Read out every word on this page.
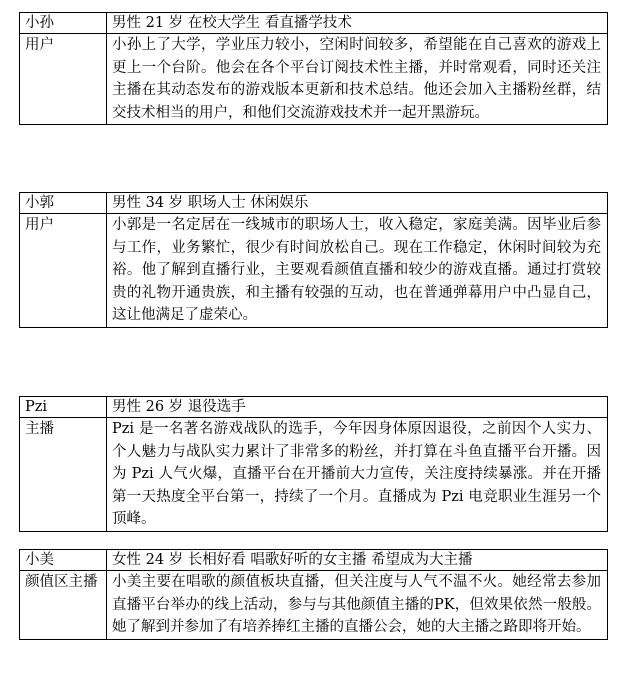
小孙	男性 21 岁 在校大学生 看直播学技术
用户	小孙上了大学，学业压力较小，空闲时间较多，希望能在自己喜欢的游戏上更上一个台阶。他会在各个平台订阅技术性主播，并时常观看，同时还关注主播在其动态发布的游戏版本更新和技术总结。他还会加入主播粉丝群，结交技术相当的用户，和他们交流游戏技术并一起开黑游玩。
小郭	男性 34 岁 职场人士 休闲娱乐
用户	小郭是一名定居在一线城市的职场人士，收入稳定，家庭美满。因毕业后参与工作，业务繁忙，很少有时间放松自己。现在工作稳定，休闲时间较为充裕。他了解到直播行业，主要观看颜值直播和较少的游戏直播。通过打赏较贵的礼物开通贵族，和主播有较强的互动，也在普通弹幕用户中凸显自己，这让他满足了虚荣心。
Pzi	男性 26 岁 退役选手
主播	Pzi 是一名著名游戏战队的选手，今年因身体原因退役，之前因个人实力、个人魅力与战队实力累计了非常多的粉丝，并打算在斗鱼直播平台开播。因为 Pzi 人气火爆，直播平台在开播前大力宣传，关注度持续暴涨。并在开播第一天热度全平台第一，持续了一个月。直播成为 Pzi 电竞职业生涯另一个顶峰。
小美	女性 24 岁 长相好看 唱歌好听的女主播 希望成为大主播
颜值区主播	小美主要在唱歌的颜值板块直播，但关注度与人气不温不火。她经常去参加直播平台举办的线上活动，参与与其他颜值主播的PK，但效果依然一般般。她了解到并参加了有培养捧红主播的直播公会，她的大主播之路即将开始。
